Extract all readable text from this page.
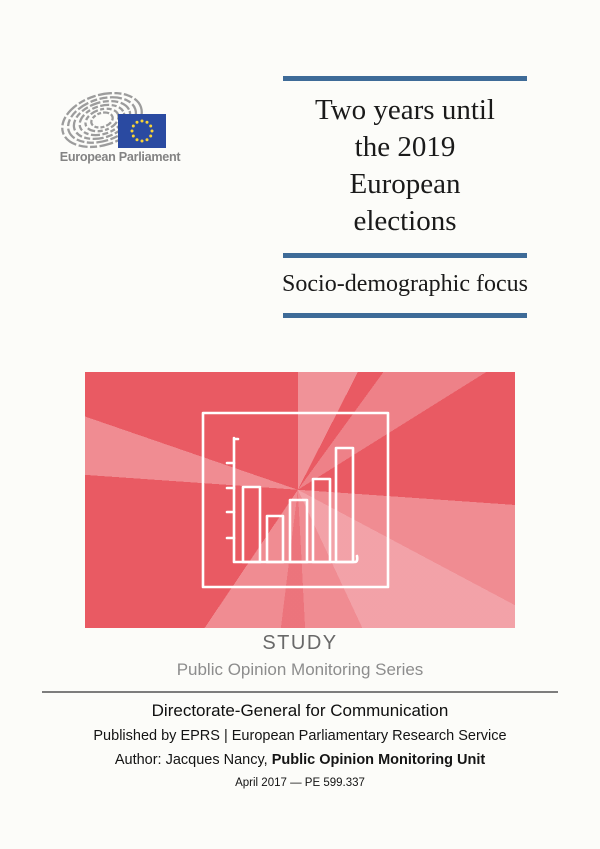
European Parliament
Two years until
the 2019
European
elections
Socio-demographic focus
STUDY
Public Opinion Monitoring Series
Directorate-General for Communication
Published by EPRS | European Parliamentary Research Service
Author: Jacques Nancy, Public Opinion Monitoring Unit
April 2017 — PE 599.337
